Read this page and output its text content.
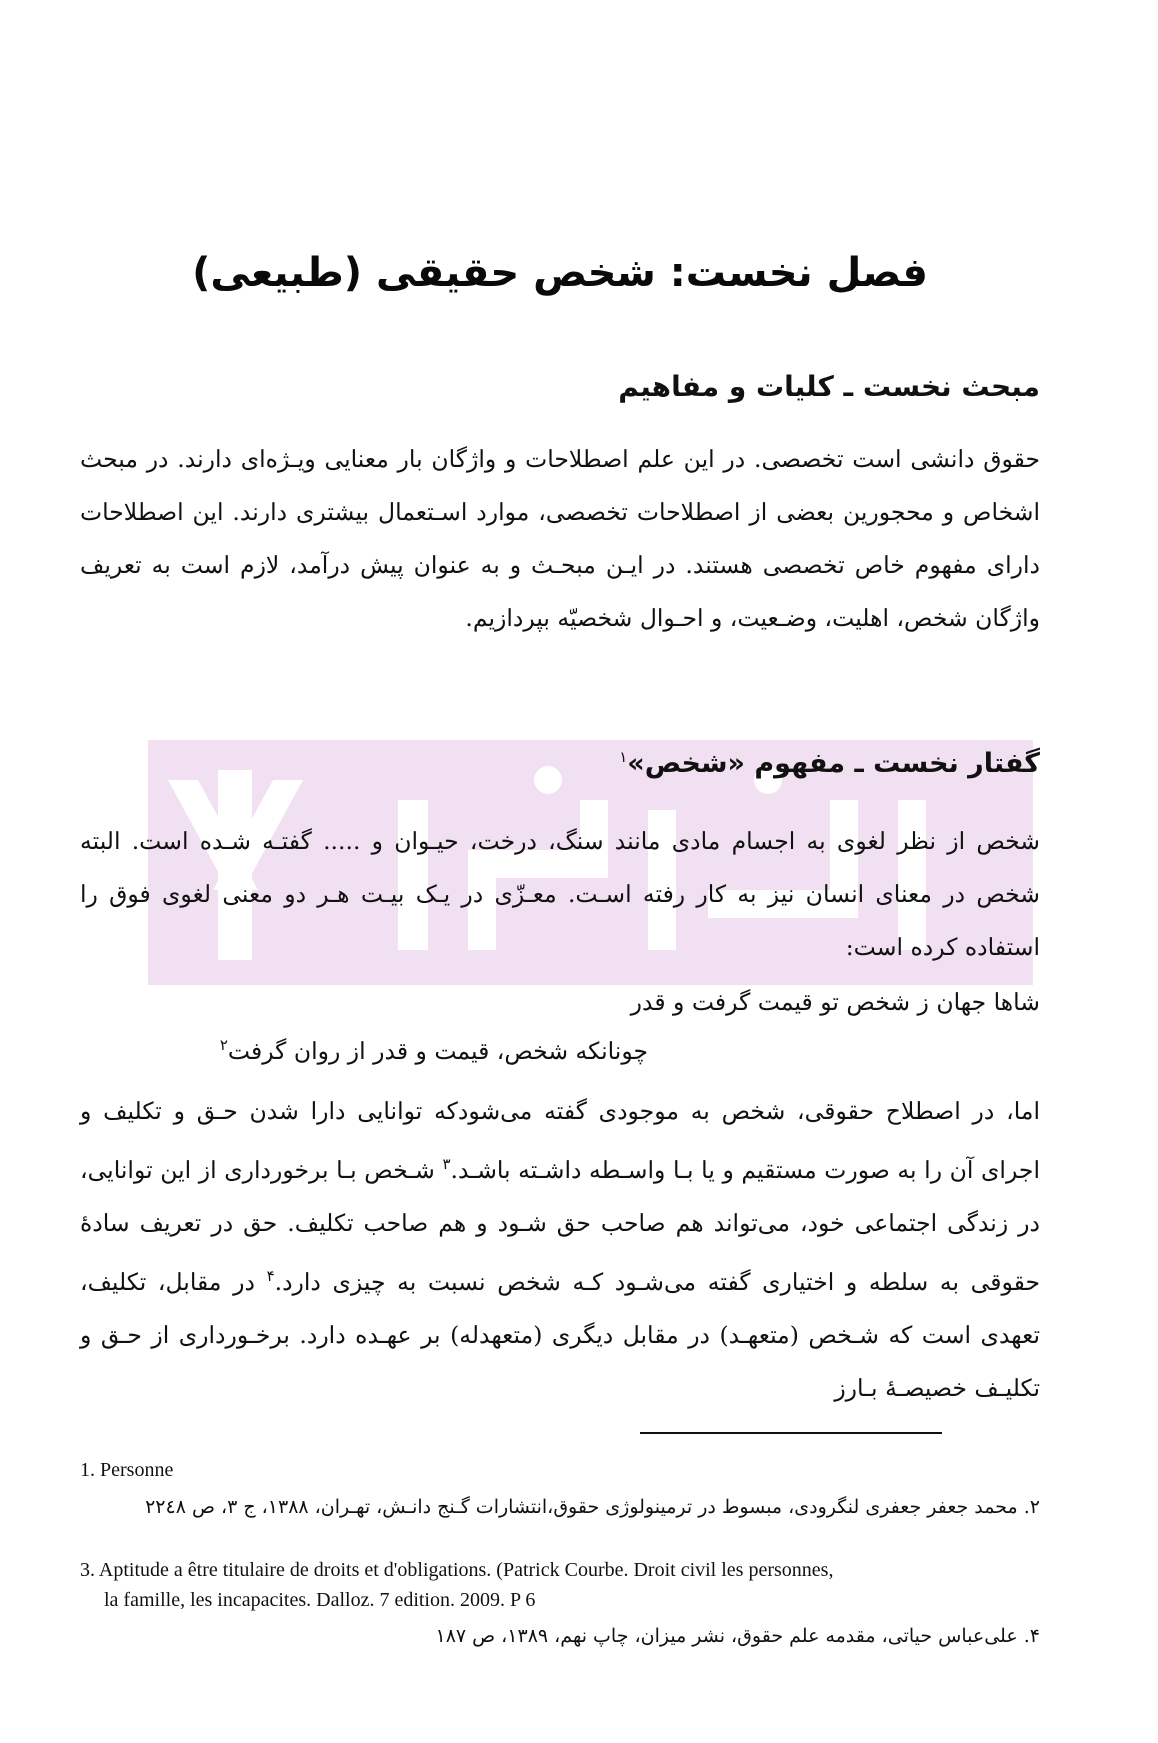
فصل نخست: شخص حقیقی (طبیعی)
مبحث نخست ـ کلیات و مفاهیم
حقوق دانشی است تخصصی. در این علم اصطلاحات و واژگان بار معنایی ویـژه‌ای دارند. در مبحث اشخاص و محجورین بعضی از اصطلاحات تخصصی، موارد اسـتعمال بیشتری دارند. این اصطلاحات دارای مفهوم خاص تخصصی هستند. در ایـن مبحـث و به عنوان پیش درآمد، لازم است به تعریف واژگان شخص، اهلیت، وضـعیت، و احـوال شخصیّه بپردازیم.
گفتار نخست ـ مفهوم «شخص»$^۱$
شخص از نظر لغوی به اجسام مادی مانند سنگ، درخت، حیـوان و ..... گفتـه شـده است. البته شخص در معنای انسان نیز به کار رفته اسـت. معـزّی در یـک بیـت هـر دو معنی لغوی فوق را استفاده کرده است:
شاها جهان ز شخص تو قیمت گرفت و قدر
چونانکه شخص، قیمت و قدر از روان گرفت$^۲$
اما، در اصطلاح حقوقی، شخص به موجودی گفته می‌شودکه توانایی دارا شدن حـق و تکلیف و اجرای آن را به صورت مستقیم و یا بـا واسـطه داشـته باشـد.$^۳$ شـخص بـا برخورداری از این توانایی، در زندگی اجتماعی خود، می‌تواند هم صاحب حق شـود و هم صاحب تکلیف. حق در تعریف سادهٔ حقوقی به سلطه و اختیاری گفته می‌شـود کـه شخص نسبت به چیزی دارد.$^۴$ در مقابل، تکلیف، تعهدی است که شـخص (متعهـد) در مقابل دیگری (متعهدله) بر عهـده دارد. برخـورداری از حـق و تکلیـف خصیصـهٔ بـارز
1. Personne
۲. محمد جعفر جعفری لنگرودی، مبسوط در ترمینولوژی حقوق،انتشارات گـنج دانـش، تهـران، ۱۳۸۸، ج ۳، ص ۲۲٤۸
3. Aptitude a être titulaire de droits et d'obligations. (Patrick Courbe. Droit civil les personnes,
la famille, les incapacites. Dalloz. 7 edition. 2009. P 6
۴. علی‌عباس حیاتی، مقدمه علم حقوق، نشر میزان، چاپ نهم، ۱۳۸۹، ص ۱۸۷
